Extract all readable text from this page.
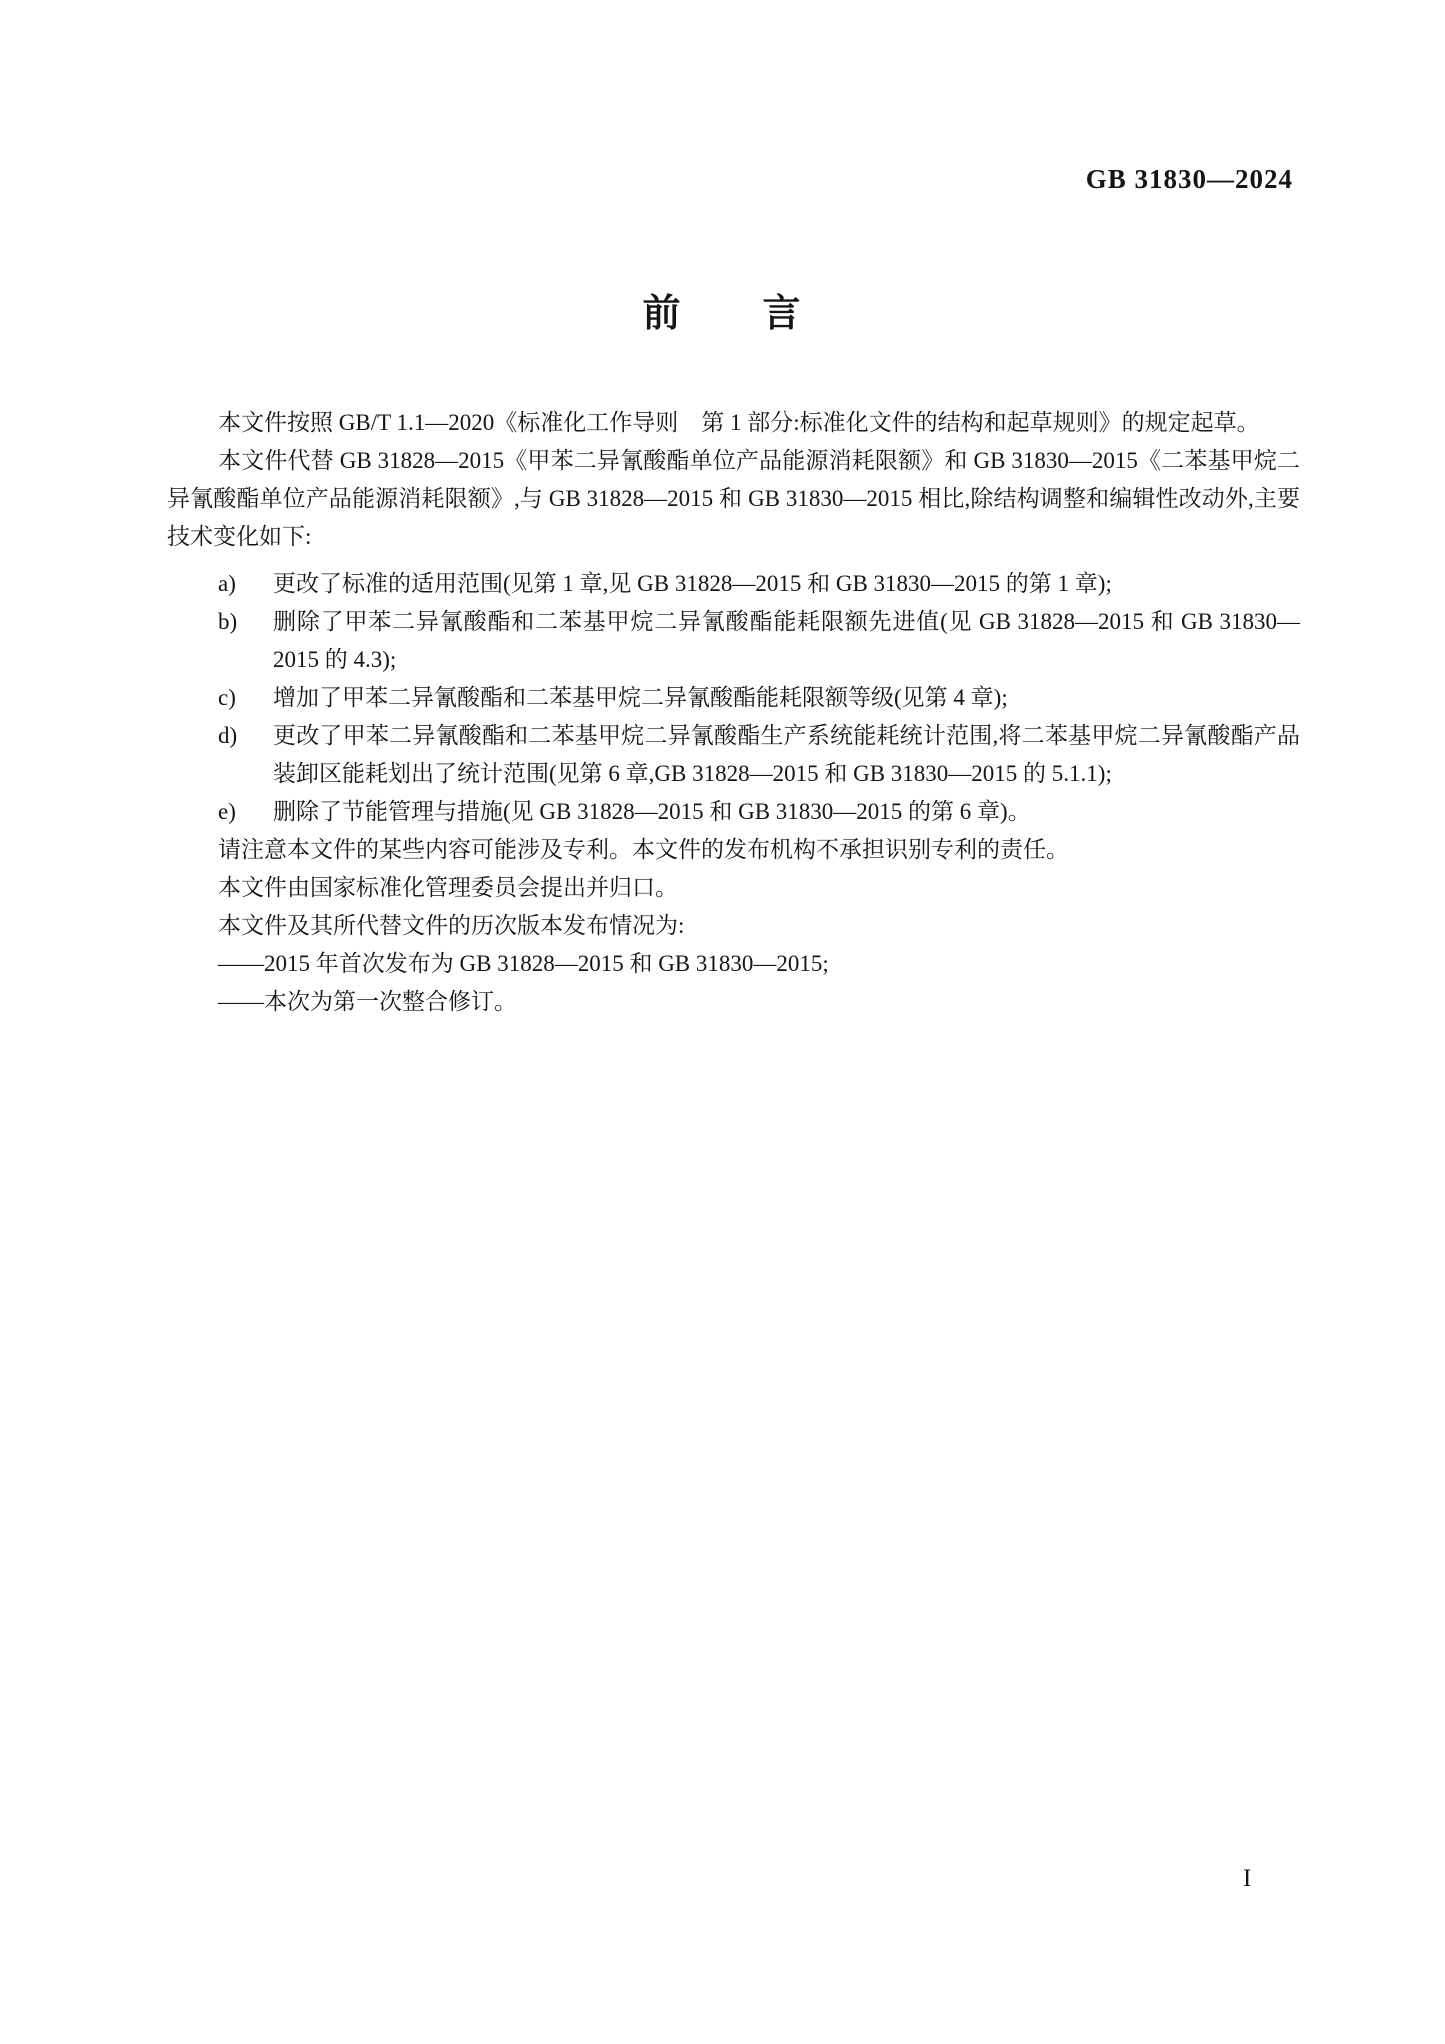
GB 31830—2024
前　　言

本文件按照 GB/T 1.1—2020《标准化工作导则　第 1 部分:标准化文件的结构和起草规则》的规定起草。

本文件代替 GB 31828—2015《甲苯二异氰酸酯单位产品能源消耗限额》和 GB 31830—2015《二苯基甲烷二异氰酸酯单位产品能源消耗限额》,与 GB 31828—2015 和 GB 31830—2015 相比,除结构调整和编辑性改动外,主要技术变化如下:

a) 更改了标准的适用范围(见第 1 章,见 GB 31828—2015 和 GB 31830—2015 的第 1 章);
b) 删除了甲苯二异氰酸酯和二苯基甲烷二异氰酸酯能耗限额先进值(见 GB 31828—2015 和 GB 31830—2015 的 4.3);
c) 增加了甲苯二异氰酸酯和二苯基甲烷二异氰酸酯能耗限额等级(见第 4 章);
d) 更改了甲苯二异氰酸酯和二苯基甲烷二异氰酸酯生产系统能耗统计范围,将二苯基甲烷二异氰酸酯产品装卸区能耗划出了统计范围(见第 6 章,GB 31828—2015 和 GB 31830—2015 的 5.1.1);
e) 删除了节能管理与措施(见 GB 31828—2015 和 GB 31830—2015 的第 6 章)。

请注意本文件的某些内容可能涉及专利。本文件的发布机构不承担识别专利的责任。

本文件由国家标准化管理委员会提出并归口。

本文件及其所代替文件的历次版本发布情况为:

——2015 年首次发布为 GB 31828—2015 和 GB 31830—2015;

——本次为第一次整合修订。

I
